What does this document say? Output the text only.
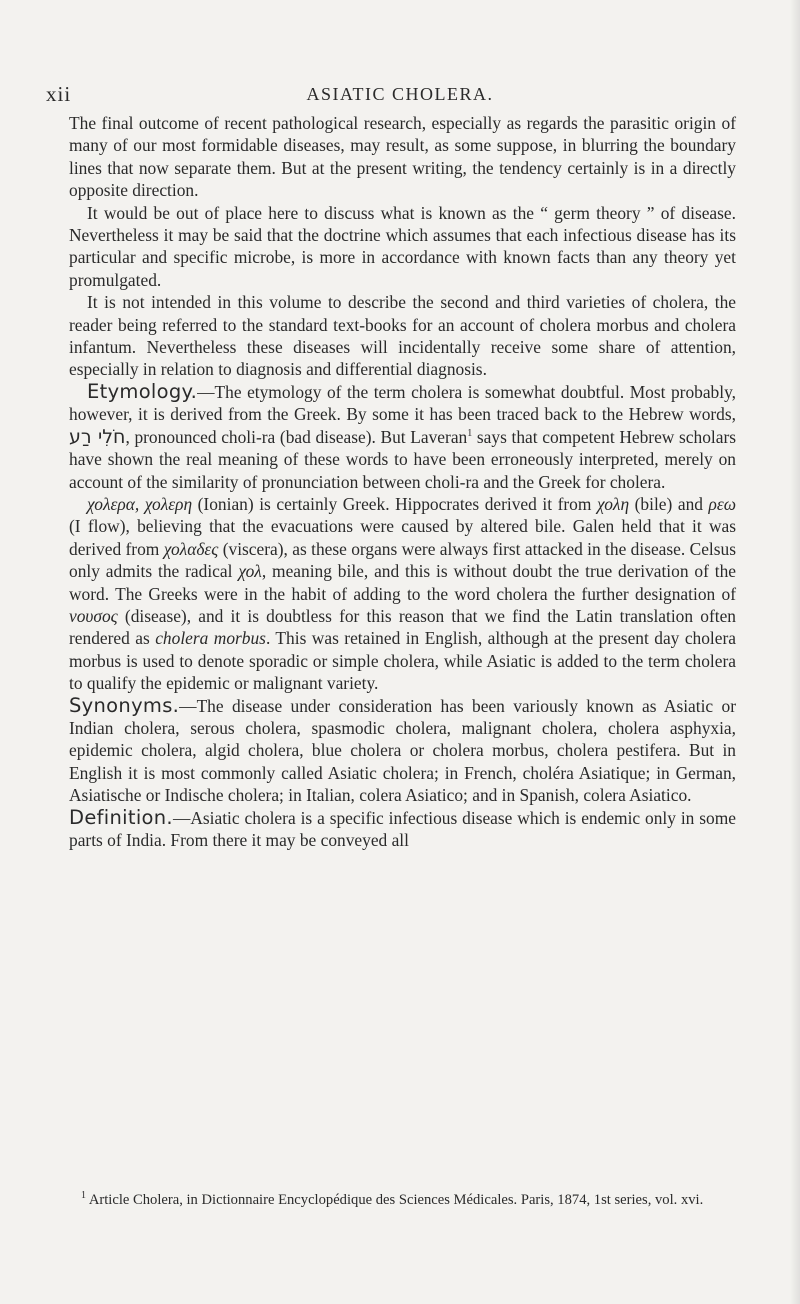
xii	ASIATIC CHOLERA.

The final outcome of recent pathological research, especially as regards the parasitic origin of many of our most formidable diseases, may result, as some suppose, in blurring the boundary lines that now separate them. But at the present writing, the tendency certainly is in a directly opposite direction.

It would be out of place here to discuss what is known as the “ germ theory ” of disease. Nevertheless it may be said that the doctrine which assumes that each infectious disease has its particular and specific microbe, is more in accordance with known facts than any theory yet promulgated.

It is not intended in this volume to describe the second and third varieties of cholera, the reader being referred to the standard text-books for an account of cholera morbus and cholera infantum. Nevertheless these diseases will incidentally receive some share of attention, especially in relation to diagnosis and differential diagnosis.

Etymology.—The etymology of the term cholera is somewhat doubtful. Most probably, however, it is derived from the Greek. By some it has been traced back to the Hebrew words, חֹלִי רַע, pronounced choli-ra (bad disease). But Laveran$^1$ says that competent Hebrew scholars have shown the real meaning of these words to have been erroneously interpreted, merely on account of the similarity of pronunciation between choli-ra and the Greek for cholera.

χολερα, χολερη (Ionian) is certainly Greek. Hippocrates derived it from χολη (bile) and ρεω (I flow), believing that the evacuations were caused by altered bile. Galen held that it was derived from χολαδες (viscera), as these organs were always first attacked in the disease. Celsus only admits the radical χολ, meaning bile, and this is without doubt the true derivation of the word. The Greeks were in the habit of adding to the word cholera the further designation of νουσος (disease), and it is doubtless for this reason that we find the Latin translation often rendered as cholera morbus. This was retained in English, although at the present day cholera morbus is used to denote sporadic or simple cholera, while Asiatic is added to the term cholera to qualify the epidemic or malignant variety.

Synonyms.—The disease under consideration has been variously known as Asiatic or Indian cholera, serous cholera, spasmodic cholera, malignant cholera, cholera asphyxia, epidemic cholera, algid cholera, blue cholera or cholera morbus, cholera pestifera. But in English it is most commonly called Asiatic cholera; in French, choléra Asiatique; in German, Asiatische or Indische cholera; in Italian, colera Asiatico; and in Spanish, colera Asiatico.

Definition.—Asiatic cholera is a specific infectious disease which is endemic only in some parts of India. From there it may be conveyed all

$^1$ Article Cholera, in Dictionnaire Encyclopédique des Sciences Médicales. Paris, 1874, 1st series, vol. xvi.
